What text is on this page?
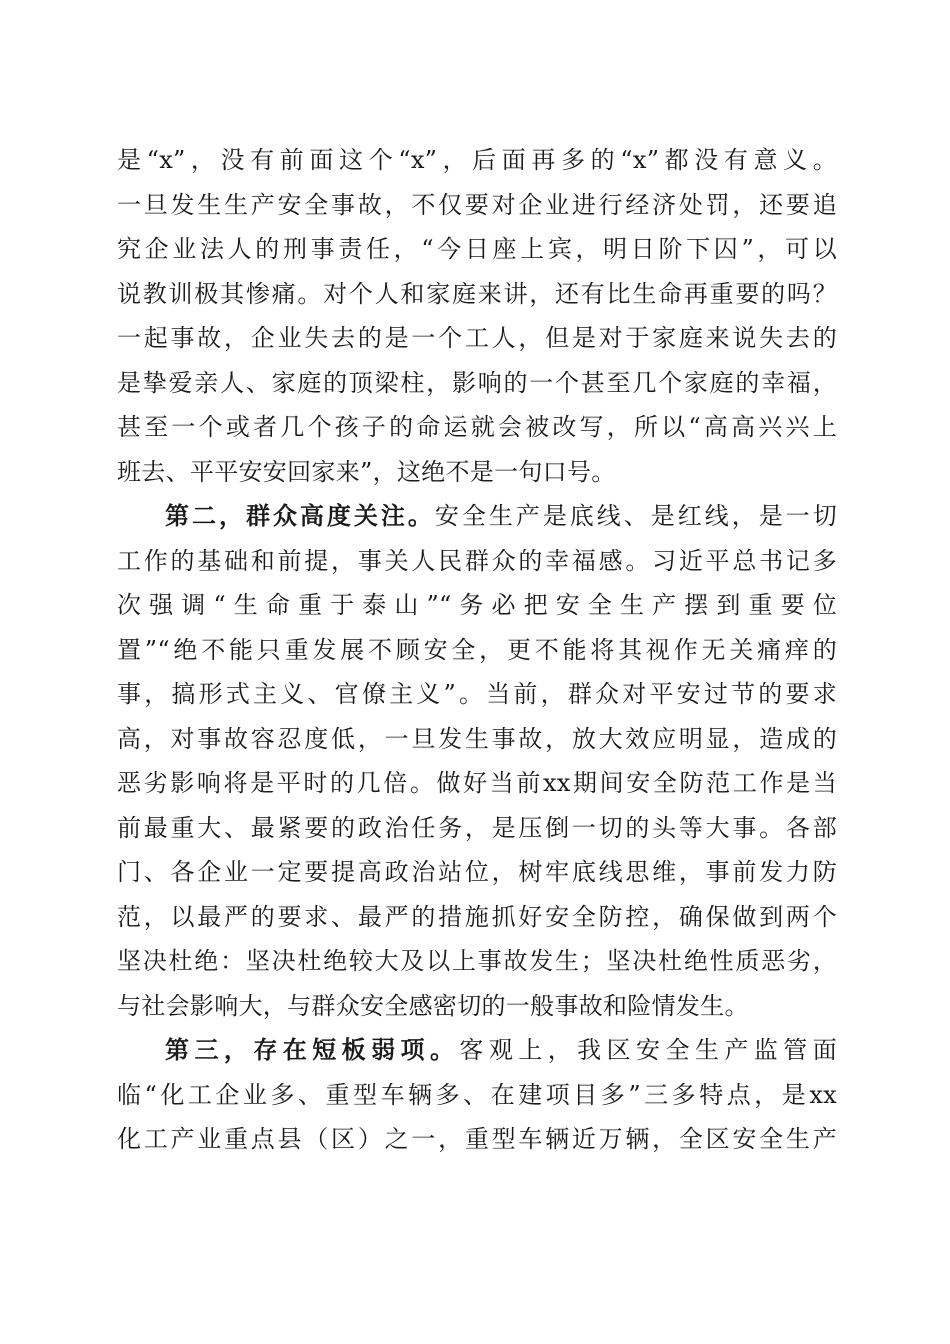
是“x”，没有前面这个“x”，后面再多的“x”都没有意义。
一旦发生生产安全事故，不仅要对企业进行经济处罚，还要追
究企业法人的刑事责任，“今日座上宾，明日阶下囚”，可以
说教训极其惨痛。对个人和家庭来讲，还有比生命再重要的吗？
一起事故，企业失去的是一个工人，但是对于家庭来说失去的
是挚爱亲人、家庭的顶梁柱，影响的一个甚至几个家庭的幸福，
甚至一个或者几个孩子的命运就会被改写，所以“高高兴兴上
班去、平平安安回家来”，这绝不是一句口号。
第二，群众高度关注。安全生产是底线、是红线，是一切
工作的基础和前提，事关人民群众的幸福感。习近平总书记多
次强调“生命重于泰山”“务必把安全生产摆到重要位
置”“绝不能只重发展不顾安全，更不能将其视作无关痛痒的
事，搞形式主义、官僚主义”。当前，群众对平安过节的要求
高，对事故容忍度低，一旦发生事故，放大效应明显，造成的
恶劣影响将是平时的几倍。做好当前xx期间安全防范工作是当
前最重大、最紧要的政治任务，是压倒一切的头等大事。各部
门、各企业一定要提高政治站位，树牢底线思维，事前发力防
范，以最严的要求、最严的措施抓好安全防控，确保做到两个
坚决杜绝：坚决杜绝较大及以上事故发生；坚决杜绝性质恶劣，
与社会影响大，与群众安全感密切的一般事故和险情发生。
第三，存在短板弱项。客观上，我区安全生产监管面
临“化工企业多、重型车辆多、在建项目多”三多特点，是xx
化工产业重点县（区）之一，重型车辆近万辆，全区安全生产
